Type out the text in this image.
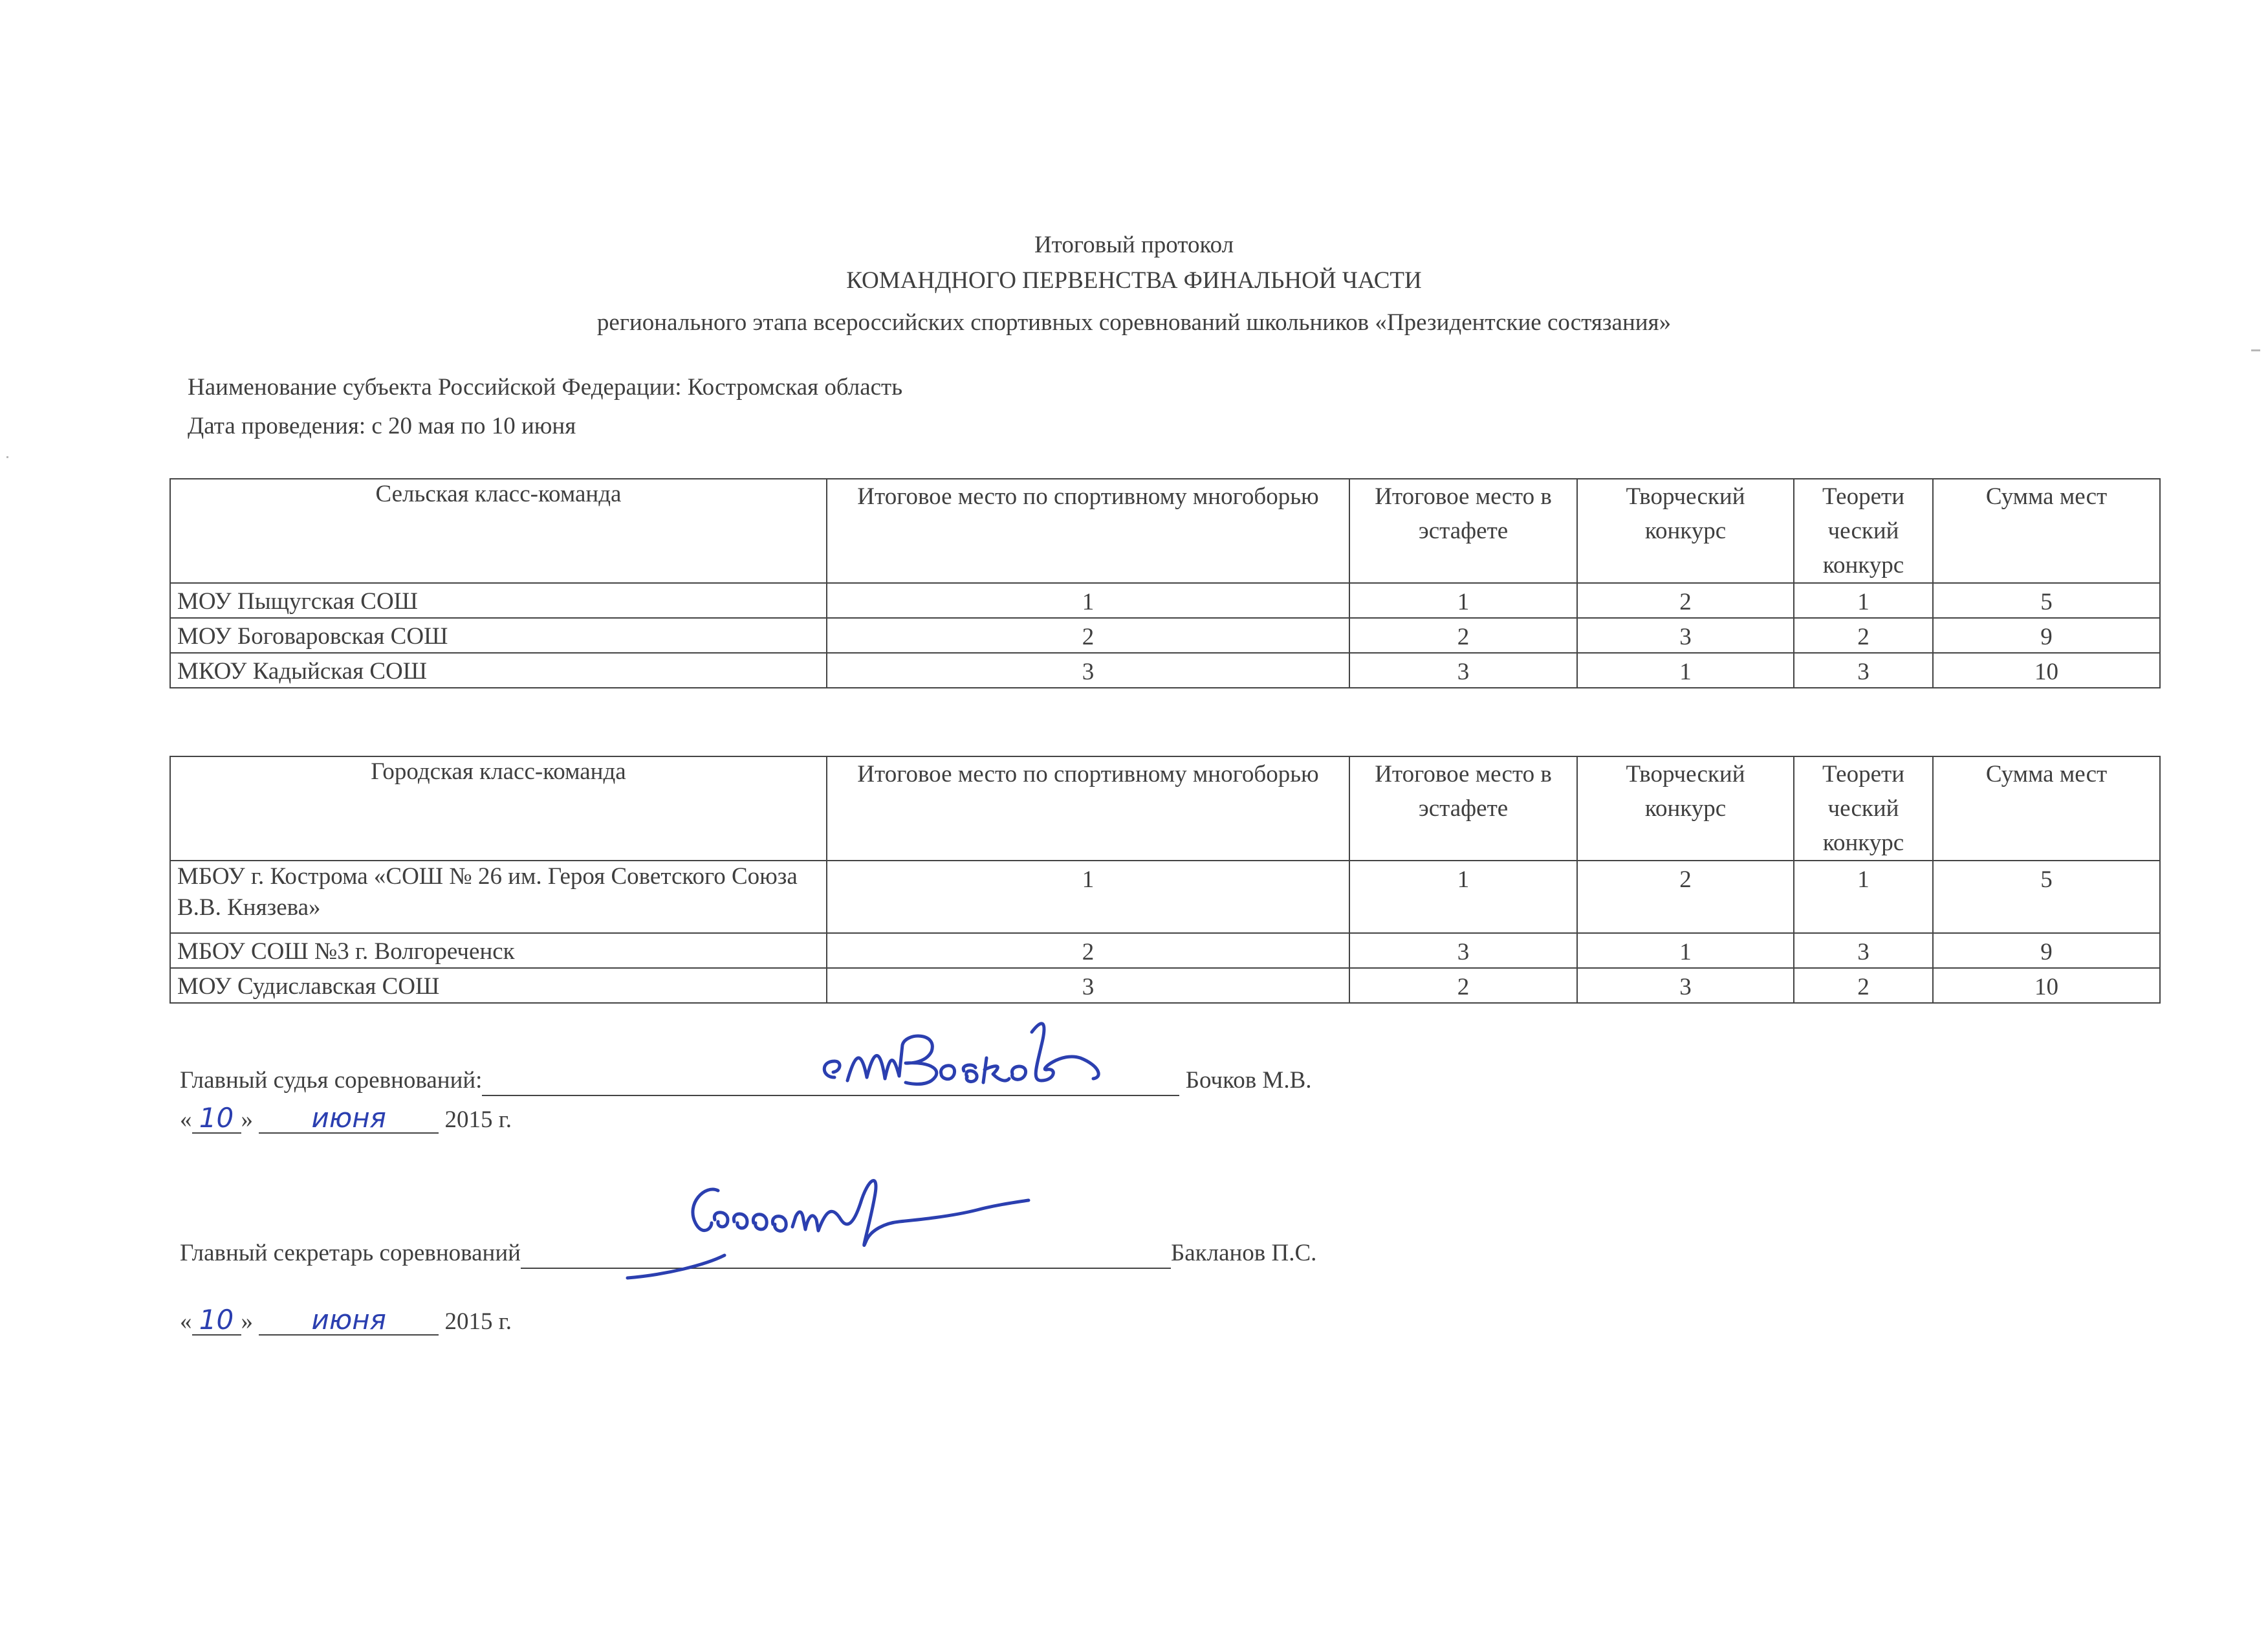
Итоговый протокол
КОМАНДНОГО ПЕРВЕНСТВА ФИНАЛЬНОЙ ЧАСТИ
регионального этапа всероссийских спортивных соревнований школьников «Президентские состязания»
Наименование субъекта Российской Федерации: Костромская область
Дата проведения: с 20 мая по 10 июня
Сельская класс-команда	Итоговое место по спортивному многоборью	Итоговое место в эстафете	Творческий конкурс	Теорети ческий конкурс	Сумма мест
МОУ Пыщугская СОШ	1	1	2	1	5
МОУ Боговаровская СОШ	2	2	3	2	9
МКОУ Кадыйская СОШ	3	3	1	3	10
Городская класс-команда	Итоговое место по спортивному многоборью	Итоговое место в эстафете	Творческий конкурс	Теорети ческий конкурс	Сумма мест
МБОУ г. Кострома «СОШ № 26 им. Героя Советского Союза В.В. Князева»	1	1	2	1	5
МБОУ СОШ №3 г. Волгореченск	2	3	1	3	9
МОУ Судиславская СОШ	3	2	3	2	10
Главный судья соревнований:	Бочков М.В.
« 10 » июня 2015 г.
Главный секретарь соревнований	Бакланов П.С.
« 10 » июня 2015 г.
